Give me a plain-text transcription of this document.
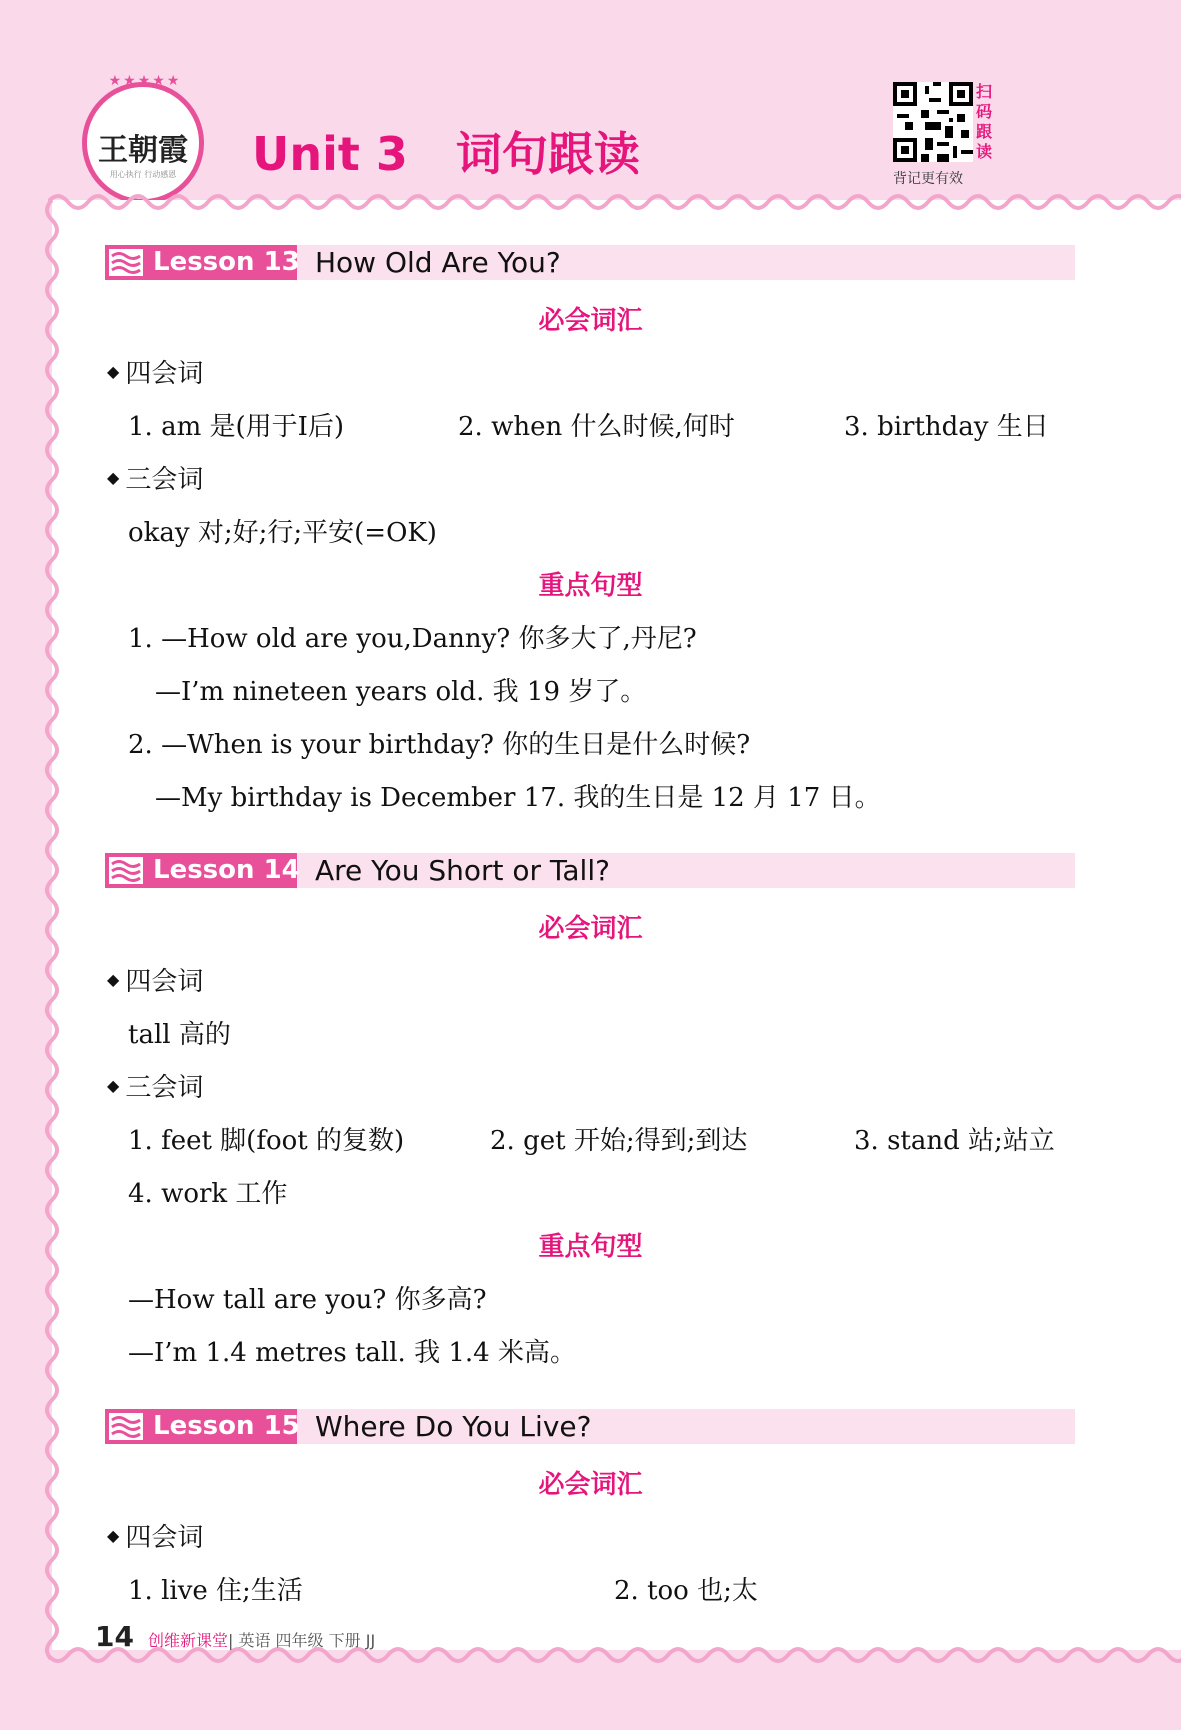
★★★★★
王朝霞
用心执行 行动感恩	Unit 3 词句跟读
扫码跟读
背记更有效
Lesson 13 How Old Are You?
必会词汇
◆ 四会词
1. am 是(用于I后)	2. when 什么时候,何时	3. birthday 生日
◆ 三会词
okay 对;好;行;平安(=OK)
重点句型
1. —How old are you,Danny? 你多大了,丹尼?
—I’m nineteen years old. 我 19 岁了。
2. —When is your birthday? 你的生日是什么时候?
—My birthday is December 17. 我的生日是 12 月 17 日。
Lesson 14 Are You Short or Tall?
必会词汇
◆ 四会词
tall 高的
◆ 三会词
1. feet 脚(foot 的复数)	2. get 开始;得到;到达	3. stand 站;站立
4. work 工作
重点句型
—How tall are you? 你多高?
—I’m 1.4 metres tall. 我 1.4 米高。
Lesson 15 Where Do You Live?
必会词汇
◆ 四会词
1. live 住;生活	2. too 也;太
14 创维新课堂| 英语 四年级 下册 JJ
